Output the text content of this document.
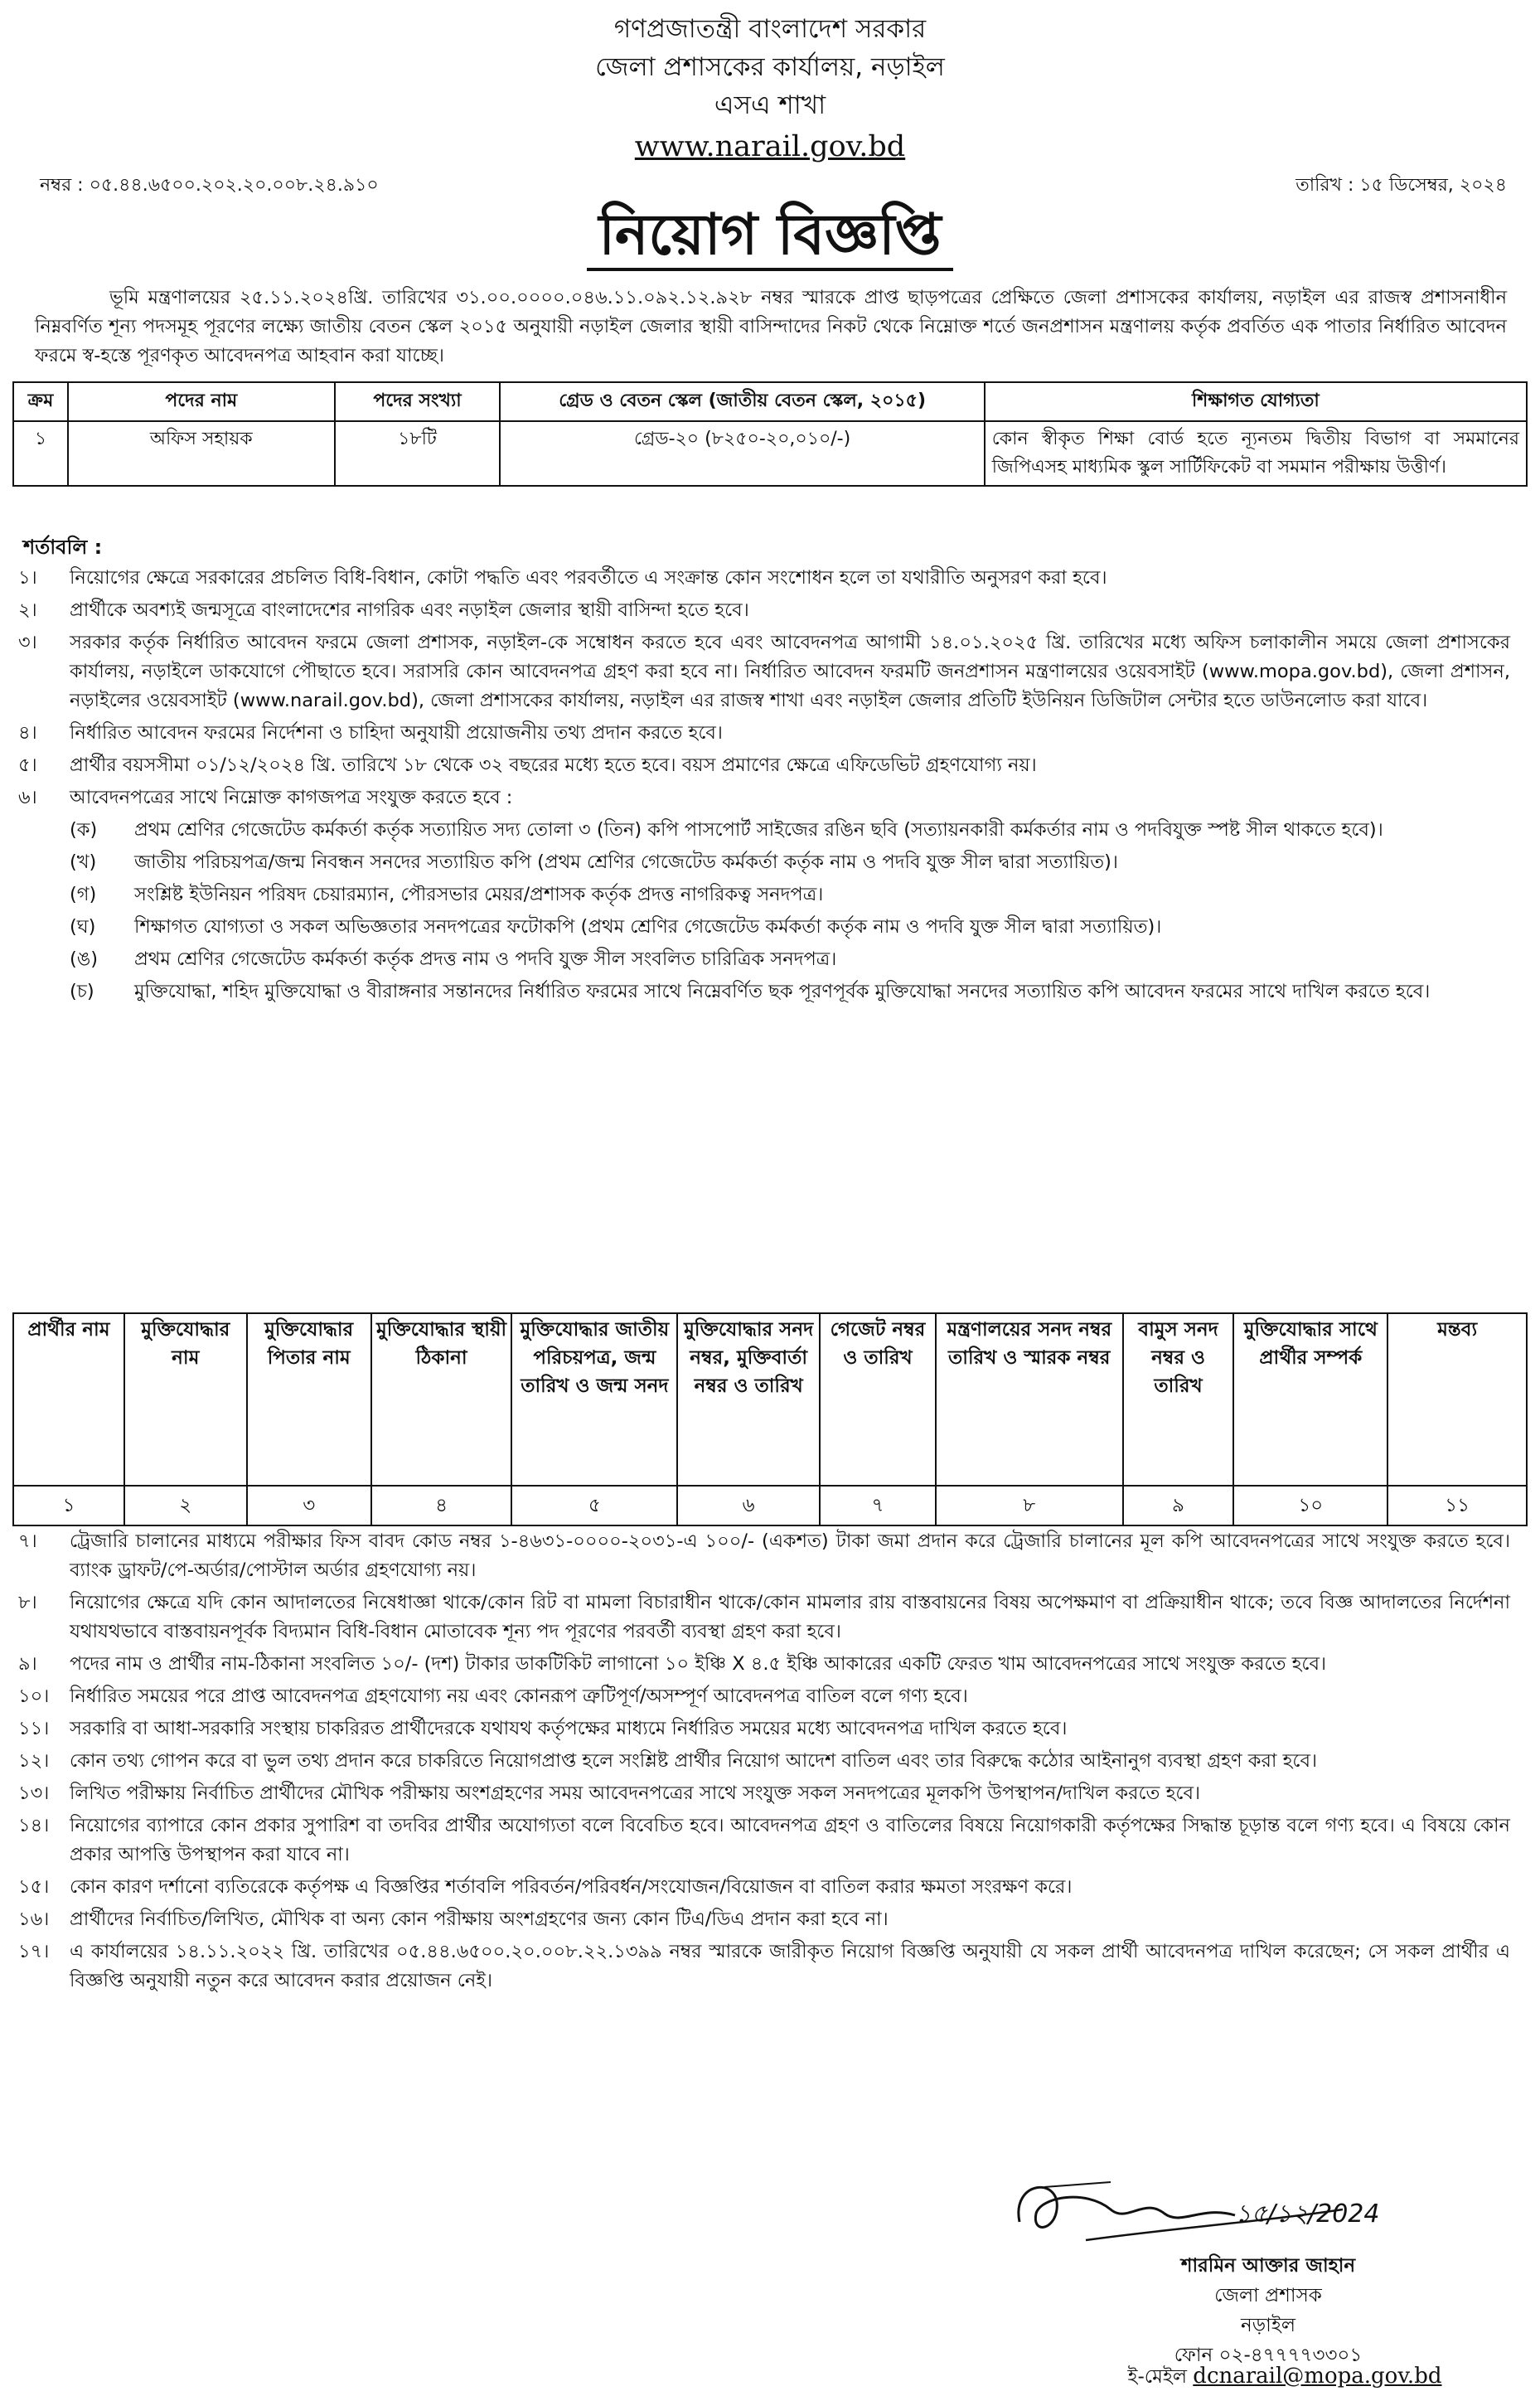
গণপ্রজাতন্ত্রী বাংলাদেশ সরকার
জেলা প্রশাসকের কার্যালয়, নড়াইল
এসএ শাখা
www.narail.gov.bd
নম্বর : ০৫.৪৪.৬৫০০.২০২.২০.০০৮.২৪.৯১০	তারিখ : ১৫ ডিসেম্বর, ২০২৪
নিয়োগ বিজ্ঞপ্তি
ভূমি মন্ত্রণালয়ের ২৫.১১.২০২৪খ্রি. তারিখের ৩১.০০.০০০০.০৪৬.১১.০৯২.১২.৯২৮ নম্বর স্মারকে প্রাপ্ত ছাড়পত্রের প্রেক্ষিতে জেলা প্রশাসকের কার্যালয়, নড়াইল এর রাজস্ব প্রশাসনাধীন নিম্নবর্ণিত শূন্য পদসমূহ পূরণের লক্ষ্যে জাতীয় বেতন স্কেল ২০১৫ অনুযায়ী নড়াইল জেলার স্থায়ী বাসিন্দাদের নিকট থেকে নিম্নোক্ত শর্তে জনপ্রশাসন মন্ত্রণালয় কর্তৃক প্রবর্তিত এক পাতার নির্ধারিত আবেদন ফরমে স্ব-হস্তে পূরণকৃত আবেদনপত্র আহবান করা যাচ্ছে।
ক্রম	পদের নাম	পদের সংখ্যা	গ্রেড ও বেতন স্কেল (জাতীয় বেতন স্কেল, ২০১৫)	শিক্ষাগত যোগ্যতা
১	অফিস সহায়ক	১৮টি	গ্রেড-২০ (৮২৫০-২০,০১০/-)	কোন স্বীকৃত শিক্ষা বোর্ড হতে ন্যূনতম দ্বিতীয় বিভাগ বা সমমানের জিপিএসহ মাধ্যমিক স্কুল সার্টিফিকেট বা সমমান পরীক্ষায় উত্তীর্ণ।
শর্তাবলি :
১।	নিয়োগের ক্ষেত্রে সরকারের প্রচলিত বিধি-বিধান, কোটা পদ্ধতি এবং পরবর্তীতে এ সংক্রান্ত কোন সংশোধন হলে তা যথারীতি অনুসরণ করা হবে।
২।	প্রার্থীকে অবশ্যই জন্মসূত্রে বাংলাদেশের নাগরিক এবং নড়াইল জেলার স্থায়ী বাসিন্দা হতে হবে।
৩।	সরকার কর্তৃক নির্ধারিত আবেদন ফরমে জেলা প্রশাসক, নড়াইল-কে সম্বোধন করতে হবে এবং আবেদনপত্র আগামী ১৪.০১.২০২৫ খ্রি. তারিখের মধ্যে অফিস চলাকালীন সময়ে জেলা প্রশাসকের কার্যালয়, নড়াইলে ডাকযোগে পৌছাতে হবে। সরাসরি কোন আবেদনপত্র গ্রহণ করা হবে না। নির্ধারিত আবেদন ফরমটি জনপ্রশাসন মন্ত্রণালয়ের ওয়েবসাইট (www.mopa.gov.bd), জেলা প্রশাসন, নড়াইলের ওয়েবসাইট (www.narail.gov.bd), জেলা প্রশাসকের কার্যালয়, নড়াইল এর রাজস্ব শাখা এবং নড়াইল জেলার প্রতিটি ইউনিয়ন ডিজিটাল সেন্টার হতে ডাউনলোড করা যাবে।
৪।	নির্ধারিত আবেদন ফরমের নির্দেশনা ও চাহিদা অনুযায়ী প্রয়োজনীয় তথ্য প্রদান করতে হবে।
৫।	প্রার্থীর বয়সসীমা ০১/১২/২০২৪ খ্রি. তারিখে ১৮ থেকে ৩২ বছরের মধ্যে হতে হবে। বয়স প্রমাণের ক্ষেত্রে এফিডেভিট গ্রহণযোগ্য নয়।
৬।	আবেদনপত্রের সাথে নিম্নোক্ত কাগজপত্র সংযুক্ত করতে হবে :
(ক)	প্রথম শ্রেণির গেজেটেড কর্মকর্তা কর্তৃক সত্যায়িত সদ্য তোলা ৩ (তিন) কপি পাসপোর্ট সাইজের রঙিন ছবি (সত্যায়নকারী কর্মকর্তার নাম ও পদবিযুক্ত স্পষ্ট সীল থাকতে হবে)।
(খ)	জাতীয় পরিচয়পত্র/জন্ম নিবন্ধন সনদের সত্যায়িত কপি (প্রথম শ্রেণির গেজেটেড কর্মকর্তা কর্তৃক নাম ও পদবি যুক্ত সীল দ্বারা সত্যায়িত)।
(গ)	সংশ্লিষ্ট ইউনিয়ন পরিষদ চেয়ারম্যান, পৌরসভার মেয়র/প্রশাসক কর্তৃক প্রদত্ত নাগরিকত্ব সনদপত্র।
(ঘ)	শিক্ষাগত যোগ্যতা ও সকল অভিজ্ঞতার সনদপত্রের ফটোকপি (প্রথম শ্রেণির গেজেটেড কর্মকর্তা কর্তৃক নাম ও পদবি যুক্ত সীল দ্বারা সত্যায়িত)।
(ঙ)	প্রথম শ্রেণির গেজেটেড কর্মকর্তা কর্তৃক প্রদত্ত নাম ও পদবি যুক্ত সীল সংবলিত চারিত্রিক সনদপত্র।
(চ)	মুক্তিযোদ্ধা, শহিদ মুক্তিযোদ্ধা ও বীরাঙ্গনার সন্তানদের নির্ধারিত ফরমের সাথে নিম্নেবর্ণিত ছক পূরণপূর্বক মুক্তিযোদ্ধা সনদের সত্যায়িত কপি আবেদন ফরমের সাথে দাখিল করতে হবে।
প্রার্থীর নাম	মুক্তিযোদ্ধার নাম	মুক্তিযোদ্ধার পিতার নাম	মুক্তিযোদ্ধার স্থায়ী ঠিকানা	মুক্তিযোদ্ধার জাতীয় পরিচয়পত্র, জন্ম তারিখ ও জন্ম সনদ	মুক্তিযোদ্ধার সনদ নম্বর, মুক্তিবার্তা নম্বর ও তারিখ	গেজেট নম্বর ও তারিখ	মন্ত্রণালয়ের সনদ নম্বর তারিখ ও স্মারক নম্বর	বামুস সনদ নম্বর ও তারিখ	মুক্তিযোদ্ধার সাথে প্রার্থীর সম্পর্ক	মন্তব্য
১	২	৩	৪	৫	৬	৭	৮	৯	১০	১১
৭।	ট্রেজারি চালানের মাধ্যমে পরীক্ষার ফিস বাবদ কোড নম্বর ১-৪৬৩১-০০০০-২০৩১-এ ১০০/- (একশত) টাকা জমা প্রদান করে ট্রেজারি চালানের মূল কপি আবেদনপত্রের সাথে সংযুক্ত করতে হবে। ব্যাংক ড্রাফট/পে-অর্ডার/পোস্টাল অর্ডার গ্রহণযোগ্য নয়।
৮।	নিয়োগের ক্ষেত্রে যদি কোন আদালতের নিষেধাজ্ঞা থাকে/কোন রিট বা মামলা বিচারাধীন থাকে/কোন মামলার রায় বাস্তবায়নের বিষয় অপেক্ষমাণ বা প্রক্রিয়াধীন থাকে; তবে বিজ্ঞ আদালতের নির্দেশনা যথাযথভাবে বাস্তবায়নপূর্বক বিদ্যমান বিধি-বিধান মোতাবেক শূন্য পদ পূরণের পরবর্তী ব্যবস্থা গ্রহণ করা হবে।
৯।	পদের নাম ও প্রার্থীর নাম-ঠিকানা সংবলিত ১০/- (দশ) টাকার ডাকটিকিট লাগানো ১০ ইঞ্চি X ৪.৫ ইঞ্চি আকারের একটি ফেরত খাম আবেদনপত্রের সাথে সংযুক্ত করতে হবে।
১০।	নির্ধারিত সময়ের পরে প্রাপ্ত আবেদনপত্র গ্রহণযোগ্য নয় এবং কোনরূপ ত্রুটিপূর্ণ/অসম্পূর্ণ আবেদনপত্র বাতিল বলে গণ্য হবে।
১১।	সরকারি বা আধা-সরকারি সংস্থায় চাকরিরত প্রার্থীদেরকে যথাযথ কর্তৃপক্ষের মাধ্যমে নির্ধারিত সময়ের মধ্যে আবেদনপত্র দাখিল করতে হবে।
১২।	কোন তথ্য গোপন করে বা ভুল তথ্য প্রদান করে চাকরিতে নিয়োগপ্রাপ্ত হলে সংশ্লিষ্ট প্রার্থীর নিয়োগ আদেশ বাতিল এবং তার বিরুদ্ধে কঠোর আইনানুগ ব্যবস্থা গ্রহণ করা হবে।
১৩।	লিখিত পরীক্ষায় নির্বাচিত প্রার্থীদের মৌখিক পরীক্ষায় অংশগ্রহণের সময় আবেদনপত্রের সাথে সংযুক্ত সকল সনদপত্রের মূলকপি উপস্থাপন/দাখিল করতে হবে।
১৪।	নিয়োগের ব্যাপারে কোন প্রকার সুপারিশ বা তদবির প্রার্থীর অযোগ্যতা বলে বিবেচিত হবে। আবেদনপত্র গ্রহণ ও বাতিলের বিষয়ে নিয়োগকারী কর্তৃপক্ষের সিদ্ধান্ত চূড়ান্ত বলে গণ্য হবে। এ বিষয়ে কোন প্রকার আপত্তি উপস্থাপন করা যাবে না।
১৫।	কোন কারণ দর্শানো ব্যতিরেকে কর্তৃপক্ষ এ বিজ্ঞপ্তির শর্তাবলি পরিবর্তন/পরিবর্ধন/সংযোজন/বিয়োজন বা বাতিল করার ক্ষমতা সংরক্ষণ করে।
১৬।	প্রার্থীদের নির্বাচিত/লিখিত, মৌখিক বা অন্য কোন পরীক্ষায় অংশগ্রহণের জন্য কোন টিএ/ডিএ প্রদান করা হবে না।
১৭।	এ কার্যালয়ের ১৪.১১.২০২২ খ্রি. তারিখের ০৫.৪৪.৬৫০০.২০.০০৮.২২.১৩৯৯ নম্বর স্মারকে জারীকৃত নিয়োগ বিজ্ঞপ্তি অনুযায়ী যে সকল প্রার্থী আবেদনপত্র দাখিল করেছেন; সে সকল প্রার্থীর এ বিজ্ঞপ্তি অনুযায়ী নতুন করে আবেদন করার প্রয়োজন নেই।
১৫/১২/2024
শারমিন আক্তার জাহান
জেলা প্রশাসক
নড়াইল
ফোন ০২-৪৭৭৭৭৩৩০১
ই-মেইল dcnarail@mopa.gov.bd
